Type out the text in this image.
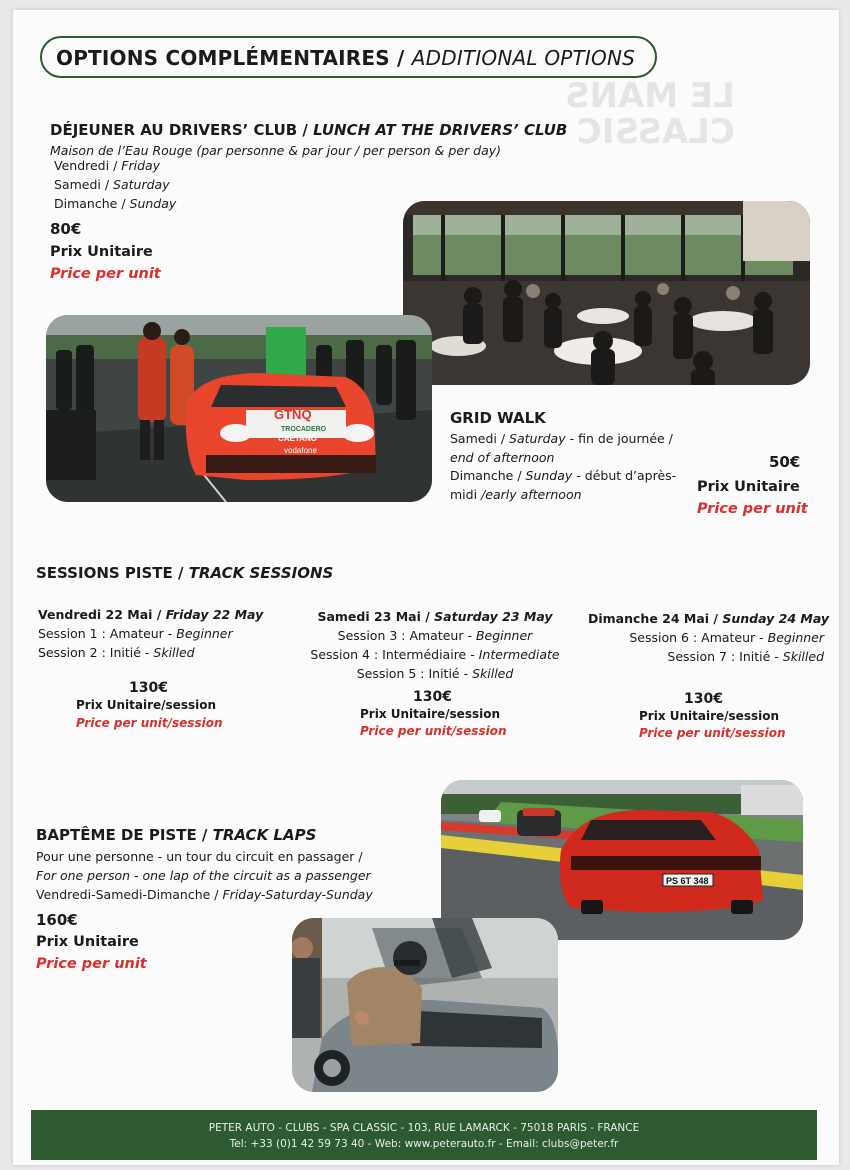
LE MANS
CLASSIC
OPTIONS COMPLÉMENTAIRES / ADDITIONAL OPTIONS
DÉJEUNER AU DRIVERS’ CLUB / LUNCH AT THE DRIVERS’ CLUB
Maison de l’Eau Rouge (par personne & par jour / per person & per day)
Vendredi / Friday
Samedi / Saturday
Dimanche / Sunday
80€
Prix Unitaire
Price per unit
GTNQ
TROCADERO
CAETANO
vodafone
GRID WALK
Samedi / Saturday - fin de journée /
end of afternoon
Dimanche / Sunday - début d’après-
midi /early afternoon
50€
Prix Unitaire
Price per unit
SESSIONS PISTE / TRACK SESSIONS
Vendredi 22 Mai / Friday 22 May
Session 1 : Amateur - Beginner
Session 2 : Initié - Skilled
130€
Prix Unitaire/session
Price per unit/session
Samedi 23 Mai / Saturday 23 May
Session 3 : Amateur - Beginner
Session 4 : Intermédiaire - Intermediate
Session 5 : Initié - Skilled
130€
Prix Unitaire/session
Price per unit/session
Dimanche 24 Mai / Sunday 24 May
Session 6 : Amateur - Beginner
Session 7 : Initié - Skilled
130€
Prix Unitaire/session
Price per unit/session
PS 6T 348
BAPTÊME DE PISTE / TRACK LAPS
Pour une personne - un tour du circuit en passager /
For one person - one lap of the circuit as a passenger
Vendredi-Samedi-Dimanche / Friday-Saturday-Sunday
160€
Prix Unitaire
Price per unit
PETER AUTO - CLUBS - SPA CLASSIC - 103, RUE LAMARCK - 75018 PARIS - FRANCE
Tel: +33 (0)1 42 59 73 40 - Web: www.peterauto.fr - Email: clubs@peter.fr
